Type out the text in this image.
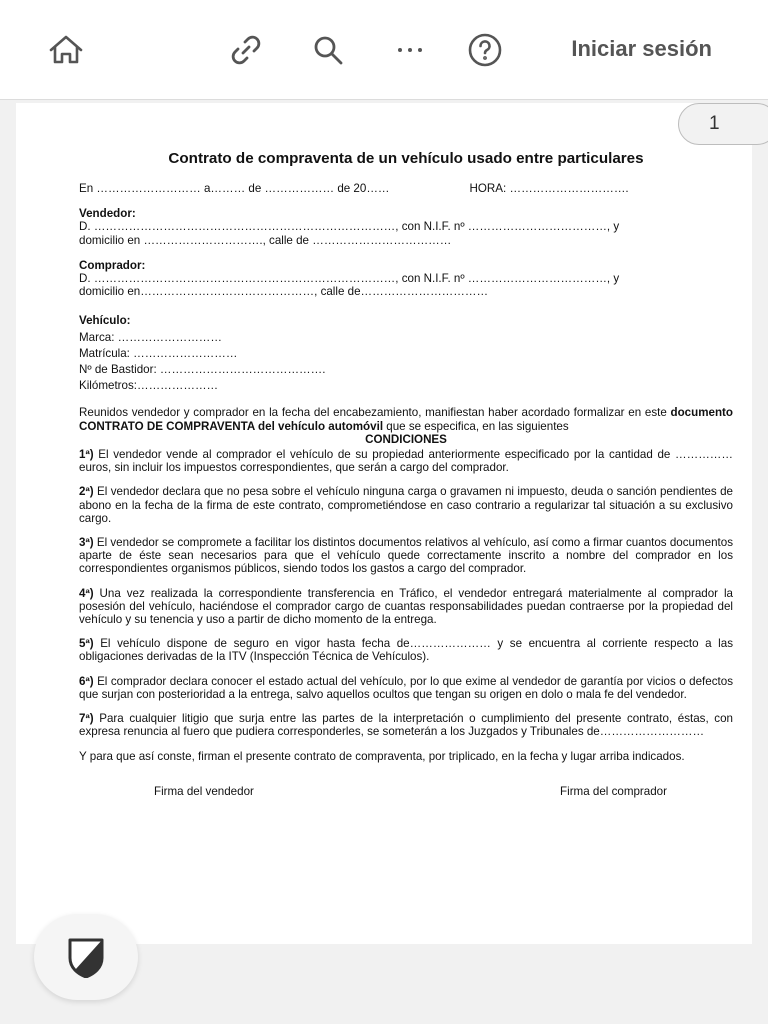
Iniciar sesión
1
Contrato de compraventa de un vehículo usado entre particulares
En ……………………… a……… de ……………… de 20……	HORA: ………………………….
Vendedor:
D. ……………………………………………………………………, con N.I.F. nº ………………………………, y
domicilio en …………………………., calle de ………………………………
Comprador:
D. ……………………………………………………………………, con N.I.F. nº ………………………………, y
domicilio en………………………………………, calle de……………………………
Vehículo:
Marca: ………………………
Matrícula: ………………………
Nº de Bastidor: …………………………………….
Kilómetros:…………………
Reunidos vendedor y comprador en la fecha del encabezamiento, manifiestan haber acordado formalizar en este documento CONTRATO DE COMPRAVENTA del vehículo automóvil que se especifica, en las siguientes
CONDICIONES
1ª) El vendedor vende al comprador el vehículo de su propiedad anteriormente especificado por la cantidad de …………… euros, sin incluir los impuestos correspondientes, que serán a cargo del comprador.
2ª) El vendedor declara que no pesa sobre el vehículo ninguna carga o gravamen ni impuesto, deuda o sanción pendientes de abono en la fecha de la firma de este contrato, comprometiéndose en caso contrario a regularizar tal situación a su exclusivo cargo.
3ª) El vendedor se compromete a facilitar los distintos documentos relativos al vehículo, así como a firmar cuantos documentos aparte de éste sean necesarios para que el vehículo quede correctamente inscrito a nombre del comprador en los correspondientes organismos públicos, siendo todos los gastos a cargo del comprador.
4ª) Una vez realizada la correspondiente transferencia en Tráfico, el vendedor entregará materialmente al comprador la posesión del vehículo, haciéndose el comprador cargo de cuantas responsabilidades puedan contraerse por la propiedad del vehículo y su tenencia y uso a partir de dicho momento de la entrega.
5ª) El vehículo dispone de seguro en vigor hasta fecha de………………… y se encuentra al corriente respecto a las obligaciones derivadas de la ITV (Inspección Técnica de Vehículos).
6ª) El comprador declara conocer el estado actual del vehículo, por lo que exime al vendedor de garantía por vicios o defectos que surjan con posterioridad a la entrega, salvo aquellos ocultos que tengan su origen en dolo o mala fe del vendedor.
7ª) Para cualquier litigio que surja entre las partes de la interpretación o cumplimiento del presente contrato, éstas, con expresa renuncia al fuero que pudiera corresponderles, se someterán a los Juzgados y Tribunales de………………………
Y para que así conste, firman el presente contrato de compraventa, por triplicado, en la fecha y lugar arriba indicados.
Firma del vendedor	Firma del comprador
